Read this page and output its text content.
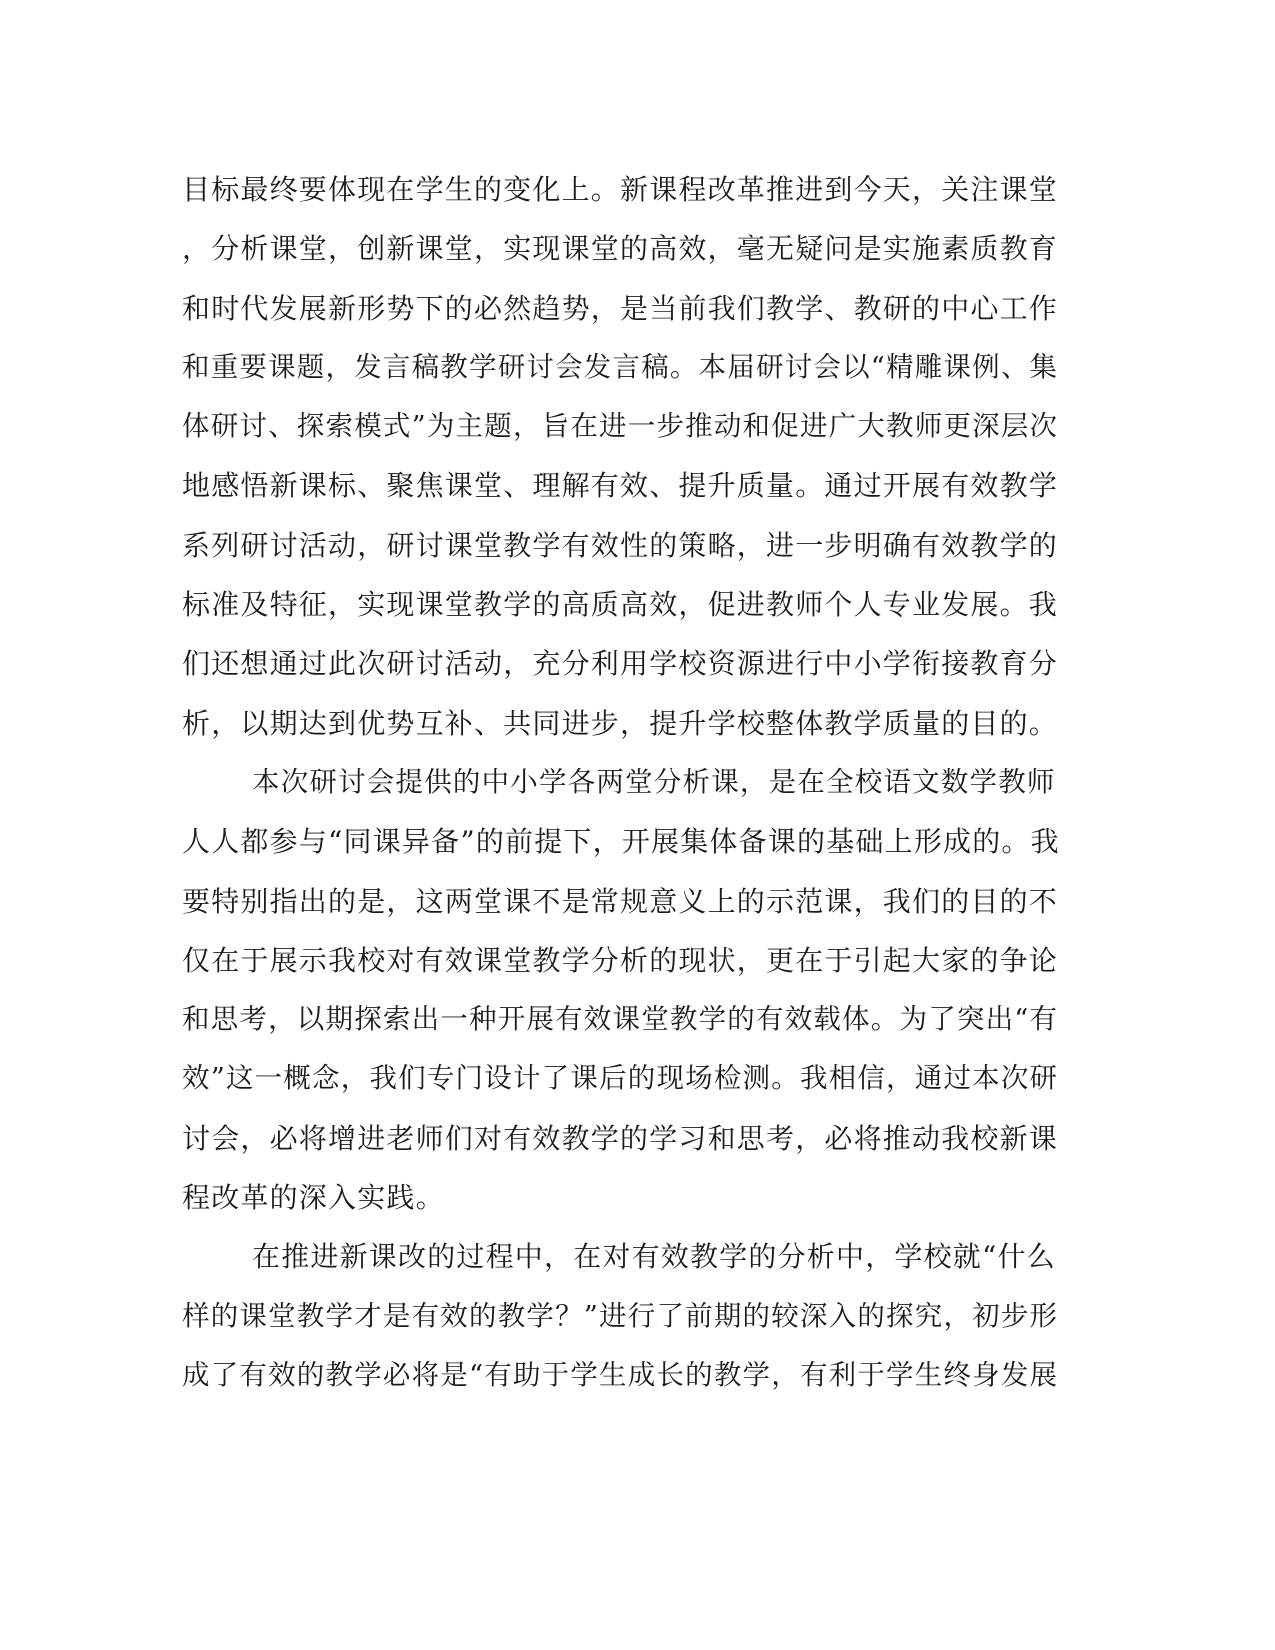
目标最终要体现在学生的变化上。新课程改革推进到今天，关注课堂
，分析课堂，创新课堂，实现课堂的高效，毫无疑问是实施素质教育
和时代发展新形势下的必然趋势，是当前我们教学、教研的中心工作
和重要课题，发言稿教学研讨会发言稿。本届研讨会以“精雕课例、集
体研讨、探索模式”为主题，旨在进一步推动和促进广大教师更深层次
地感悟新课标、聚焦课堂、理解有效、提升质量。通过开展有效教学
系列研讨活动，研讨课堂教学有效性的策略，进一步明确有效教学的
标准及特征，实现课堂教学的高质高效，促进教师个人专业发展。我
们还想通过此次研讨活动，充分利用学校资源进行中小学衔接教育分
析，以期达到优势互补、共同进步，提升学校整体教学质量的目的。
本次研讨会提供的中小学各两堂分析课，是在全校语文数学教师
人人都参与“同课异备”的前提下，开展集体备课的基础上形成的。我
要特别指出的是，这两堂课不是常规意义上的示范课，我们的目的不
仅在于展示我校对有效课堂教学分析的现状，更在于引起大家的争论
和思考，以期探索出一种开展有效课堂教学的有效载体。为了突出“有
效”这一概念，我们专门设计了课后的现场检测。我相信，通过本次研
讨会，必将增进老师们对有效教学的学习和思考，必将推动我校新课
程改革的深入实践。
在推进新课改的过程中，在对有效教学的分析中，学校就“什么
样的课堂教学才是有效的教学？”进行了前期的较深入的探究，初步形
成了有效的教学必将是“有助于学生成长的教学，有利于学生终身发展
